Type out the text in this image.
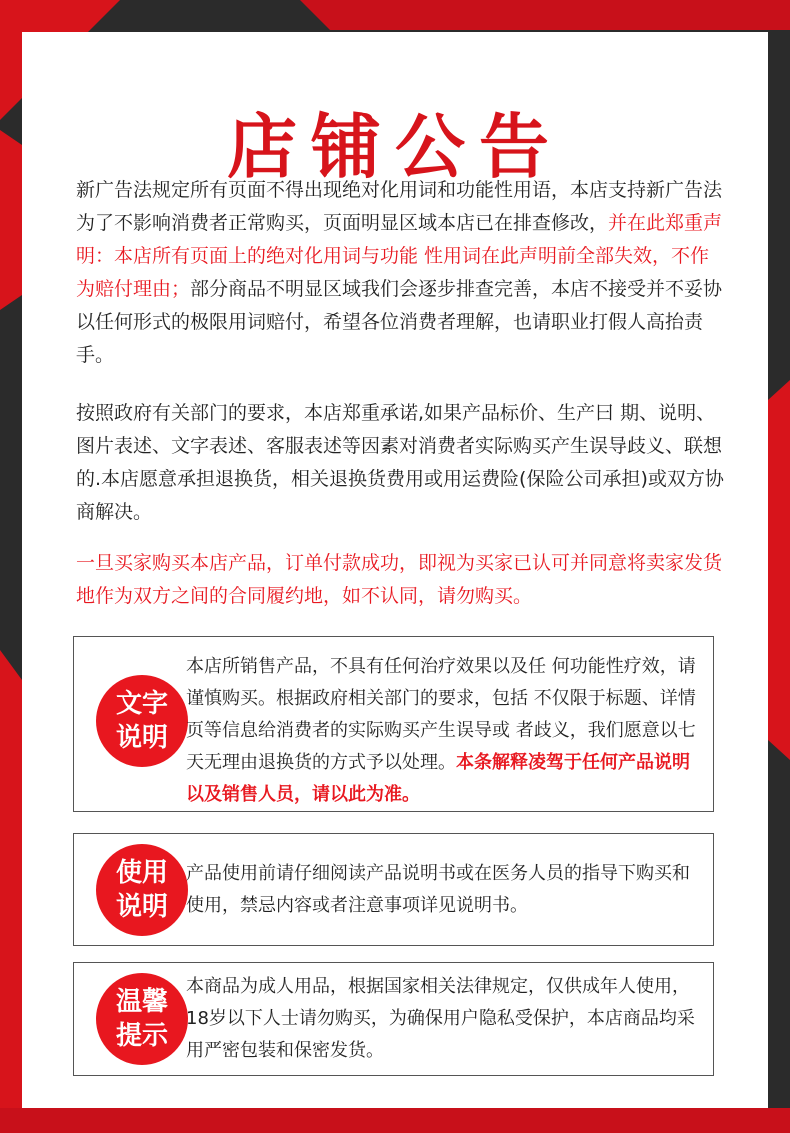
店铺公告

新广告法规定所有页面不得出现绝对化用词和功能性用语，本店支持新广告法为了不影响消费者正常购买，页面明显区域本店已在排查修改，并在此郑重声明：本店所有页面上的绝对化用词与功能 性用词在此声明前全部失效，不作为赔付理由；部分商品不明显区域我们会逐步排查完善，本店不接受并不妥协以任何形式的极限用词赔付，希望各位消费者理解，也请职业打假人高抬责手。

按照政府有关部门的要求，本店郑重承诺,如果产品标价、生产曰 期、说明、图片表述、文字表述、客服表述等因素对消费者实际购买产生误导歧义、联想的.本店愿意承担退换货，相关退换货费用或用运费险(保险公司承担)或双方协商解决。

一旦买家购买本店产品，订单付款成功，即视为买家已认可并同意将卖家发货地作为双方之间的合同履约地，如不认同，请勿购买。

文字
说明

本店所销售产品，不具有任何治疗效果以及任 何功能性疗效，请谨慎购买。根据政府相关部门的要求，包括 不仅限于标题、详情页等信息给消费者的实际购买产生误导或 者歧义，我们愿意以七天无理由退换货的方式予以处理。本条解释凌驾于任何产品说明以及销售人员，请以此为准。

使用
说明

产品使用前请仔细阅读产品说明书或在医务人员的指导下购买和使用，禁忌内容或者注意事项详见说明书。

温馨
提示

本商品为成人用品，根据国家相关法律规定，仅供成年人使用，18岁以下人士请勿购买，为确保用户隐私受保护，本店商品均采用严密包装和保密发货。
